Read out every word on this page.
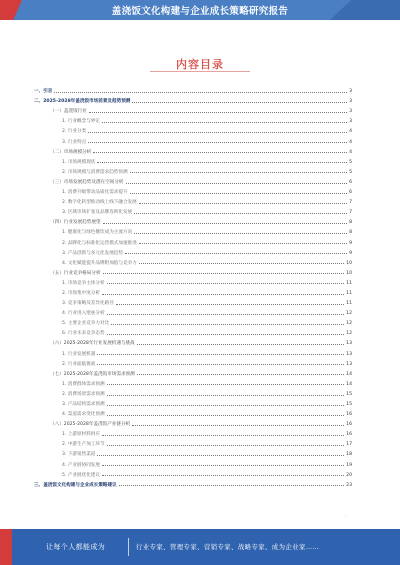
盖浇饭文化构建与企业成长策略研究报告
内容目录
一、引言	3
二、2025-2028年盖浇饭市场前景及趋势预测	3
（一）盖浇饭行业	3
1. 行业概念与界定	3
2. 行业分类	4
3. 行业特点	4
（二）市场规模分析	4
1. 市场规模现状	5
2. 市场规模与消费需求趋势预测	5
（三）市场发展趋势及潜在空间分析	6
1. 消费升级带动品质化需求提升	6
2. 数字化转型推动线上线下融合发展	7
3. 区域市场扩张及品牌连锁化发展	7
（四）行业发展趋势展望	8
1. 健康化与绿色餐饮成为主流方向	8
2. 品牌化与标准化运营模式加速推进	9
3. 产品创新与多元化发展趋势	9
4. 文化赋能提升品牌附加值与竞争力	10
（五）行业竞争格局分析	10
1. 市场竞争主体分析	11
2. 市场集中度分析	11
3. 竞争策略及差异化路径	11
4. 行业进入壁垒分析	12
5. 主要企业竞争力对比	12
6. 行业未来竞争态势	12
（六）2025-2028年行业发展机遇与挑战	13
1. 行业发展机遇	13
2. 行业面临挑战	13
（七）2025-2028年盖浇饭市场需求预测	14
1. 消费群体需求预测	14
2. 消费场景需求预测	15
3. 产品结构需求预测	15
4. 渠道需求变化预测	16
（八）2025-2028年盖浇饭产业链分析	16
1. 上游原材料供应	16
2. 中游生产加工环节	17
3. 下游销售渠道	18
4. 产业链协同发展	19
5. 产业链优化建议	20
三、盖浇饭文化构建与企业成长策略建议	23
·
让每个人都能成为	行业专家、管理专家、营销专家、战略专家、成为企业家……
